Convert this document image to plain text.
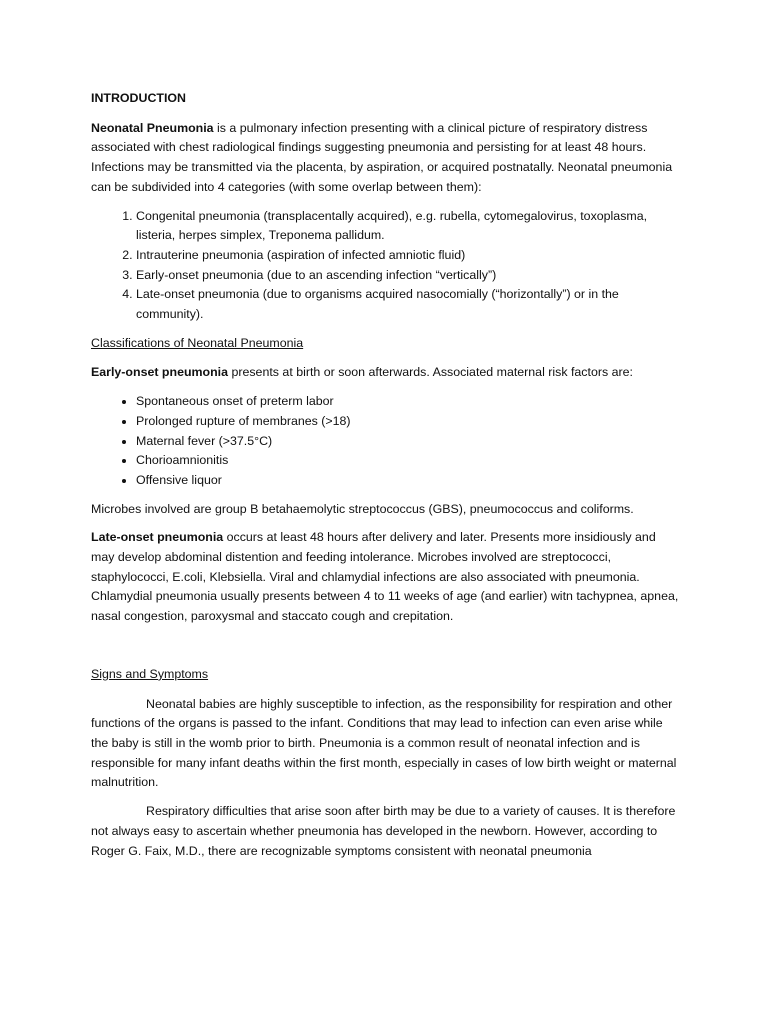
INTRODUCTION

Neonatal Pneumonia is a pulmonary infection presenting with a clinical picture of respiratory distress associated with chest radiological findings suggesting pneumonia and persisting for at least 48 hours. Infections may be transmitted via the placenta, by aspiration, or acquired postnatally. Neonatal pneumonia can be subdivided into 4 categories (with some overlap between them):

1. Congenital pneumonia (transplacentally acquired), e.g. rubella, cytomegalovirus, toxoplasma, listeria, herpes simplex, Treponema pallidum.
2. Intrauterine pneumonia (aspiration of infected amniotic fluid)
3. Early-onset pneumonia (due to an ascending infection “vertically”)
4. Late-onset pneumonia (due to organisms acquired nasocomially (“horizontally”) or in the community).

Classifications of Neonatal Pneumonia

Early-onset pneumonia presents at birth or soon afterwards. Associated maternal risk factors are:

• Spontaneous onset of preterm labor
• Prolonged rupture of membranes (>18)
• Maternal fever (>37.5°C)
• Chorioamnionitis
• Offensive liquor

Microbes involved are group B betahaemolytic streptococcus (GBS), pneumococcus and coliforms.

Late-onset pneumonia occurs at least 48 hours after delivery and later. Presents more insidiously and may develop abdominal distention and feeding intolerance. Microbes involved are streptococci, staphylococci, E.coli, Klebsiella. Viral and chlamydial infections are also associated with pneumonia. Chlamydial pneumonia usually presents between 4 to 11 weeks of age (and earlier) witn tachypnea, apnea, nasal congestion, paroxysmal and staccato cough and crepitation.

Signs and Symptoms

Neonatal babies are highly susceptible to infection, as the responsibility for respiration and other functions of the organs is passed to the infant. Conditions that may lead to infection can even arise while the baby is still in the womb prior to birth. Pneumonia is a common result of neonatal infection and is responsible for many infant deaths within the first month, especially in cases of low birth weight or maternal malnutrition.

Respiratory difficulties that arise soon after birth may be due to a variety of causes. It is therefore not always easy to ascertain whether pneumonia has developed in the newborn. However, according to Roger G. Faix, M.D., there are recognizable symptoms consistent with neonatal pneumonia
